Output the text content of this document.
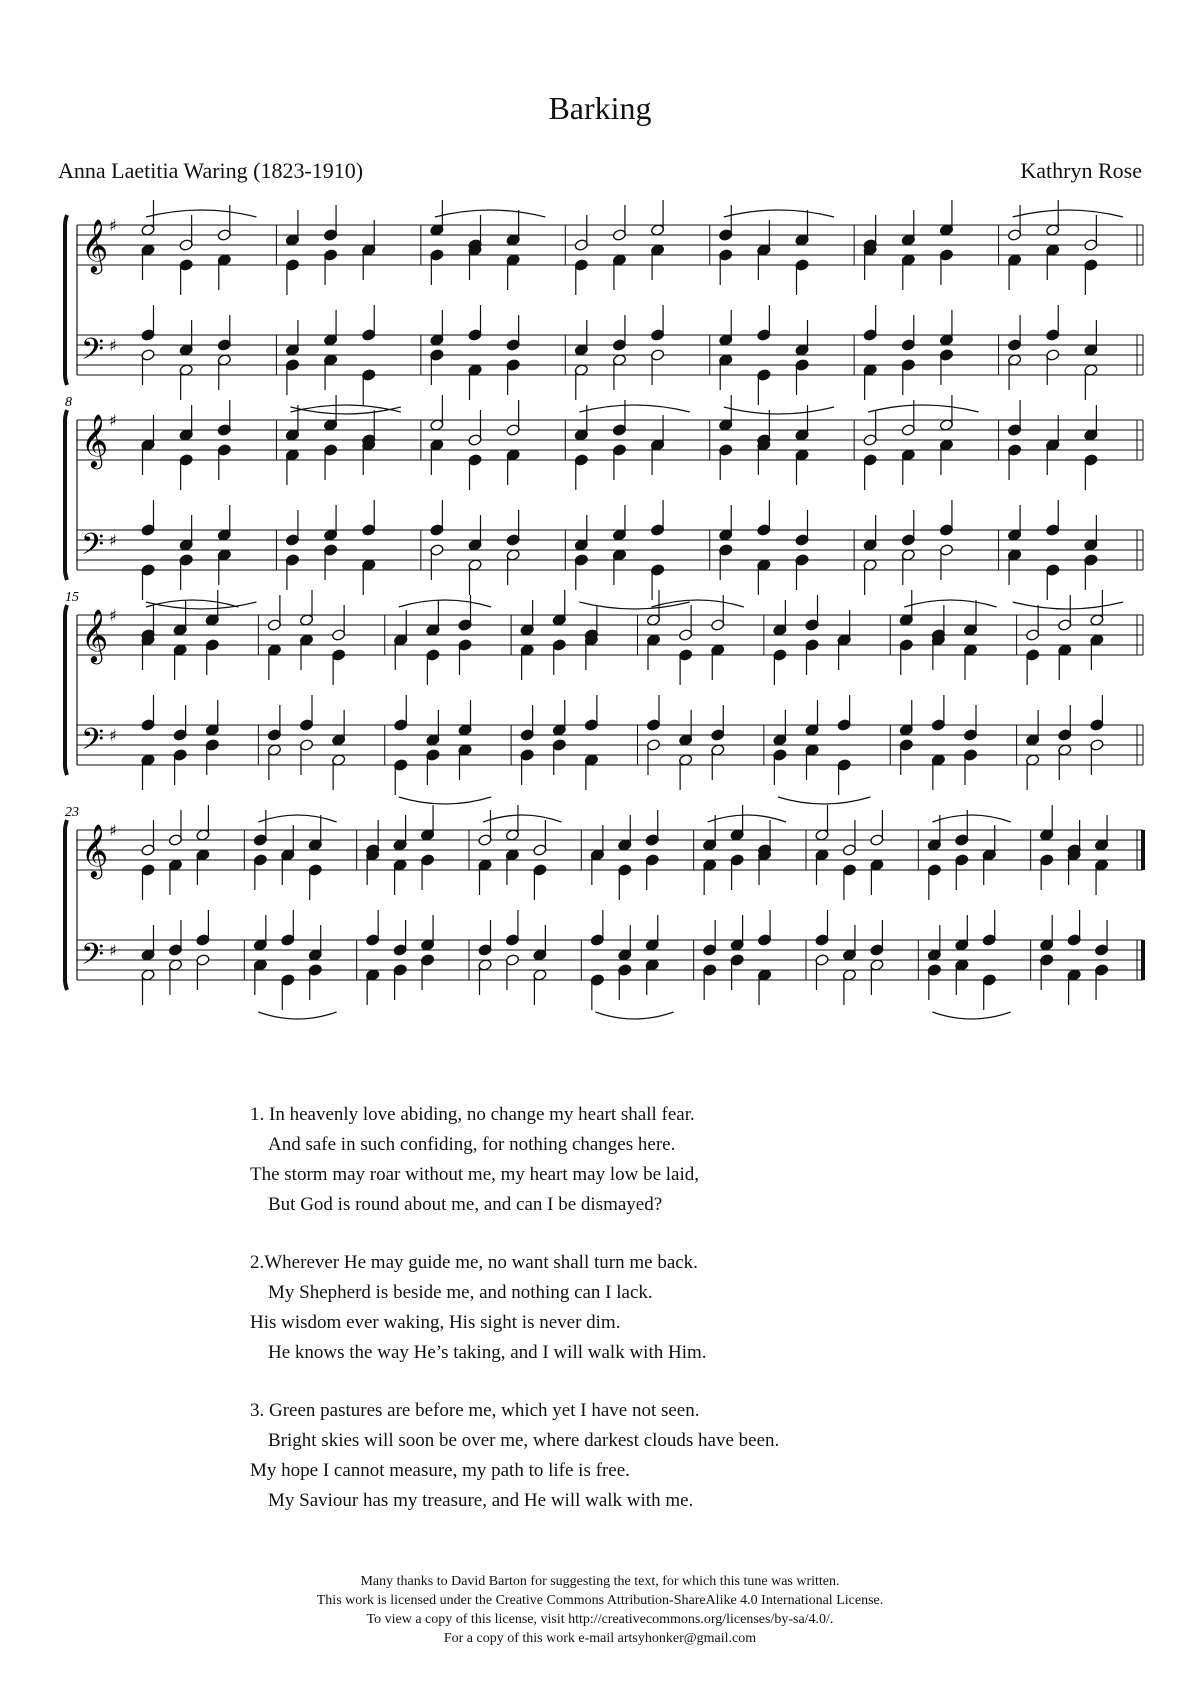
Barking
Anna Laetitia Waring (1823-1910)	Kathryn Rose
𝄞
𝄢
♯
♯
𝄞
𝄢
♯
♯
8
𝄞
𝄢
♯
♯
15
𝄞
𝄢
♯
♯
23
1. In heavenly love abiding, no change my heart shall fear.
And safe in such confiding, for nothing changes here.
The storm may roar without me, my heart may low be laid,
But God is round about me, and can I be dismayed?
2.Wherever He may guide me, no want shall turn me back.
My Shepherd is beside me, and nothing can I lack.
His wisdom ever waking, His sight is never dim.
He knows the way He’s taking, and I will walk with Him.
3. Green pastures are before me, which yet I have not seen.
Bright skies will soon be over me, where darkest clouds have been.
My hope I cannot measure, my path to life is free.
My Saviour has my treasure, and He will walk with me.
Many thanks to David Barton for suggesting the text, for which this tune was written.
This work is licensed under the Creative Commons Attribution-ShareAlike 4.0 International License.
To view a copy of this license, visit http://creativecommons.org/licenses/by-sa/4.0/.
For a copy of this work e-mail artsyhonker@gmail.com
